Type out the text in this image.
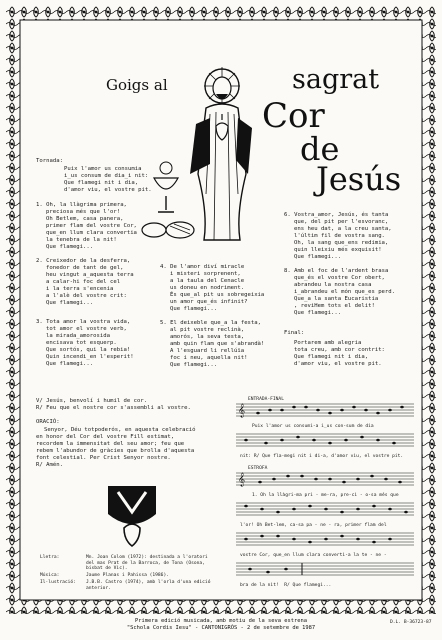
Goigs al	sagrat
Cor
de
Jesús
Tornada:
Puix l'amor us consumia
i_us consum de dia_i nit:
Que flamegi nit i dia,
d'amor viu, el vostre pit.
1. Oh, la llàgrima primera,
preciosa més que l'or!
Oh Betlem, casa panera,
primer flam del vostre Cor,
que_en llum clara convertia
la tenebra de la nit!
Que flamegi...
2. Creixedor de la desferra,
fonedor de tant de gel,
heu vingut a_aquesta terra
a calar-hi foc del cel
i la terra s'encenia
a l'alè del vostre crit:
Que flamegi...
3. Tota amor la vostra vida,
tot amor el vostre verb,
la mirada_amorosida
encisava tot esquerp.
Que sortós, qui la rebia!
Quin incendi_en l'esperit!
Que flamegi...
4. De l'amor diví miracle
i misteri sorprenent,
a la taula del Cenacle
us doneu en nodriment.
És que_al pit us sobregeixia
un amor que_és infinit?
Que flamegi...
5. El deixeble que_a la festa,
al pit vostre reclinà,
amorós, la seva testa,
amb quin flam que s'abrandà!
A l'esguard li rellúïa
foc i neu, aquella nit!
Que flamegi...
6. Vostra_amor, Jesús, és tanta
que, del pit per l'esvoranc,
ens heu dat, a la creu santa,
l'últim fil de vostra sang.
Oh, la sang que_ens redimia,
quin lleixiu més exquisit!
Que flamegi...
8. Amb el foc de l'ardent brasa
que_és el vostre Cor obert,
abrandeu la nostra casa
i_abrandeu el món que_es perd.
Que_a la santa Eucaristia
, reviHem tots el delit!
Que flamegi...
Final:
Portarem amb alegria
tota creu, amb cor contrit:
Que flamegi nit i dia,
d'amor viu, el vostre pit.
V/ Jesús, benvolí i humil de cor.
R/ Feu que el nostre cor s'assembli al vostre.
ORACIÓ:
Senyor, Déu totpoderós, en aquesta celebració
en honor del Cor del vostre Fill estimat,
recordem la immensitat del seu amor; feu que
rebem l'abundor de gràcies que brolla d'aquesta
font celestial. Per Crist Senyor nostre.
R/ Amén.
Lletra:	Mn. Joan Colom (1972): destinada a l'oratori del mas Prat de la Barroca, de Tona (Osona, bisbat de Vic).
Música:	Jaume Planas i Pahissa (1986).
Il·lustració: J.B.B. Castro (1974), amb l'orla d'una edició anterior.
ENTRADA-FINAL
𝄞
Puix l'amor us consumi-a i_us con-sum de dia
nit: R/ Que fla-megi nit i di-a, d'amor viu, el vostre pit.
ESTROFA
𝄞
1. Oh la llàgri-ma pri - me-ra, pre-ci - o-sa més que
l'or! Oh Bet-lem, ca-sa pa - ne - ra, primer flam del
vostre Cor, que_en llum clara converti-a la te - ne -
bra de la nit!  R/ Que flamegi...
Primera edició musicada, amb motiu de la seva estrena
"Schola Cordis Iesu" - CANTONIGRÒS - 2 de setembre de 1987
D.L. B-36723-87
